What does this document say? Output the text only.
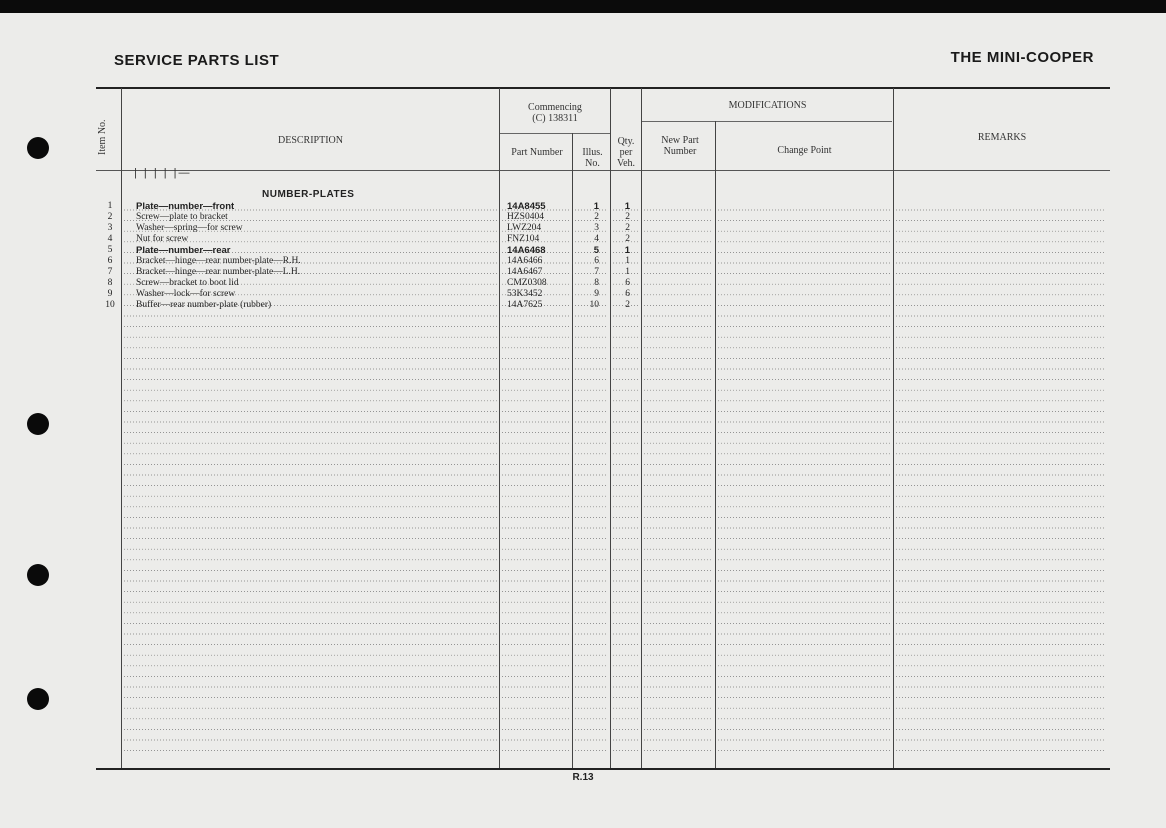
SERVICE PARTS LIST	THE MINI-COOPER
Item No.	DESCRIPTION
Commencing
(C) 138311
Part Number	Illus. No.
Qty. per Veh.
MODIFICATIONS
New Part Number	Change Point
REMARKS
| | | | |—
NUMBER-PLATES
1	Plate—number—front	14A8455	1	1
2	Screw—plate to bracket	HZS0404	2	2
3	Washer—spring—for screw	LWZ204	3	2
4	Nut for screw	FNZ104	4	2
5	Plate—number—rear	14A6468	5	1
6	Bracket—hinge—rear number-plate—R.H.	14A6466	6	1
7	Bracket—hinge—rear number-plate—L.H.	14A6467	7	1
8	Screw—bracket to boot lid	CMZ0308	8	6
9	Washer—lock—for screw	53K3452	9	6
10	Buffer—rear number-plate (rubber)	14A7625	10	2
R.13
